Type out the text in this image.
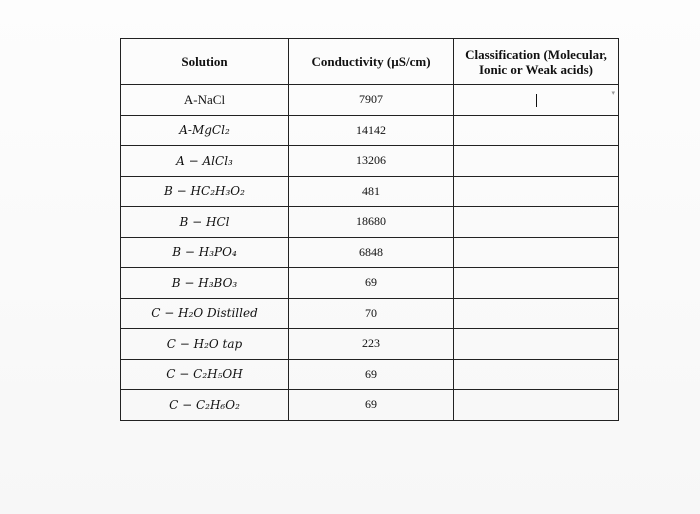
Solution	Conductivity (µS/cm)	Classification (Molecular,
Ionic or Weak acids)
A-NaCl	7907	▾

A-MgCl₂	14142	
A − AlCl₃	13206	
B − HC₂H₃O₂	481	
B − HCl	18680	
B − H₃PO₄	6848	
B − H₃BO₃	69	
C − H₂O Distilled	70	
C − H₂O tap	223	
C − C₂H₅OH	69	
C − C₂H₆O₂	69	
